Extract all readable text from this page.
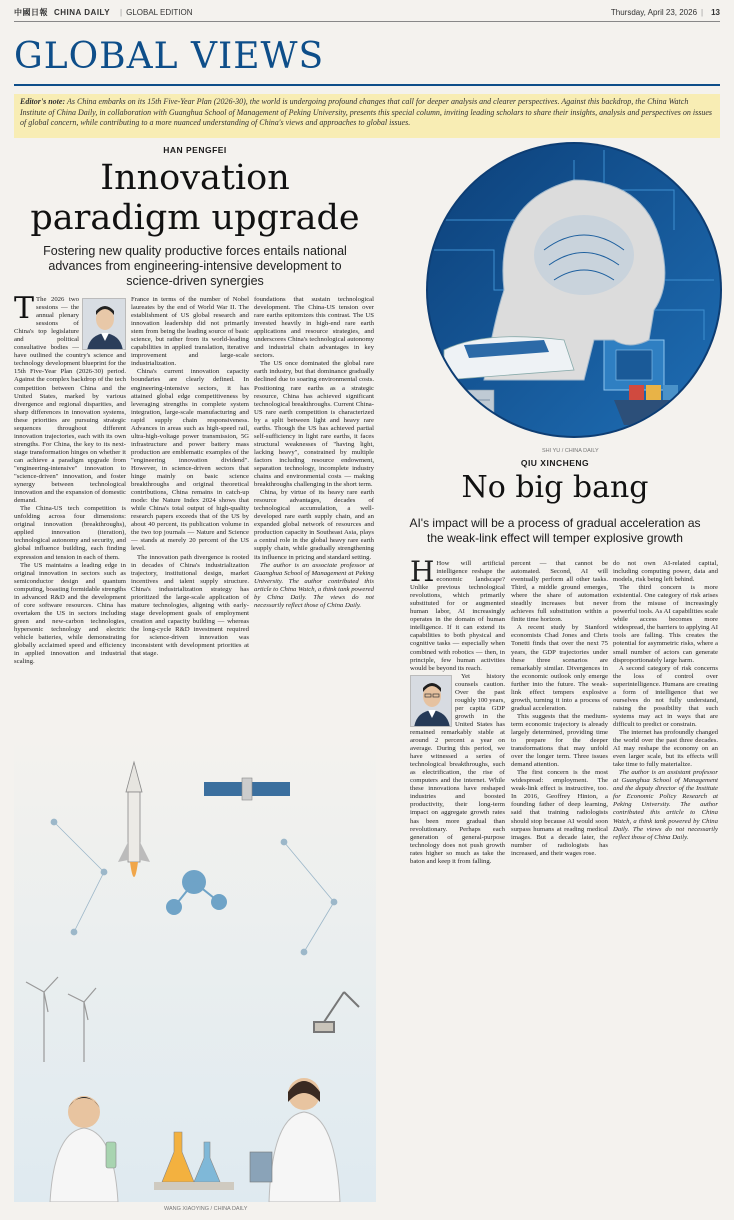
中國日報 CHINA DAILY | GLOBAL EDITION	Thursday, April 23, 2026 | 13
GLOBAL VIEWS
Editor's note: As China embarks on its 15th Five-Year Plan (2026-30), the world is undergoing profound changes that call for deeper analysis and clearer perspectives. Against this backdrop, the China Watch Institute of China Daily, in collaboration with Guanghua School of Management of Peking University, presents this special column, inviting leading scholars to share their insights, analysis and perspectives on issues of global concern, while contributing to a more nuanced understanding of China's views and approaches to global issues.
HAN PENGFEI
Innovation paradigm upgrade
Fostering new quality productive forces entails national advances from engineering-intensive development to science-driven synergies

T The 2026 two sessions — the annual plenary sessions of China's top legislature and political consultative bodies — have outlined the country's science and technology development blueprint for the 15th Five-Year Plan (2026-30) period. Against the complex backdrop of the tech competition between China and the United States, marked by various divergence and regional disparities, and sharp differences in innovation systems, these priorities are pursuing strategic sequences throughout different innovation trajectories, each with its own strengths. For China, the key to its next-stage transformation hinges on whether it can achieve a paradigm upgrade from "engineering-intensive" innovation to "science-driven" innovation, and foster synergy between technological innovation and the expansion of domestic demand.

The China-US tech competition is unfolding across four dimensions: original innovation (breakthroughs), applied innovation (iteration), technological autonomy and security, and global influence building, each finding expression and tension in each of them.

The US maintains a leading edge in original innovation in sectors such as semiconductor design and quantum computing, boasting formidable strengths in advanced R&D and the development of core software resources. China has overtaken the US in sectors including green and new-carbon technologies, hypersonic technology and electric vehicle batteries, while demonstrating globally acclaimed speed and efficiency in applied innovation and industrial scaling.

France in terms of the number of Nobel laureates by the end of World War II. The establishment of US global research and innovation leadership did not primarily stem from being the leading source of basic science, but rather from its world-leading capabilities in applied translation, iterative improvement and large-scale industrialization.

China's current innovation capacity boundaries are clearly defined. In engineering-intensive sectors, it has attained global edge competitiveness by leveraging strengths in complete system integration, large-scale manufacturing and rapid supply chain responsiveness. Advances in areas such as high-speed rail, ultra-high-voltage power transmission, 5G infrastructure and power battery mass production are emblematic examples of the "engineering innovation dividend". However, in science-driven sectors that hinge mainly on basic science breakthroughs and original theoretical contributions, China remains in catch-up mode: the Nature Index 2024 shows that while China's total output of high-quality research papers exceeds that of the US by about 40 percent, its publication volume in the two top journals — Nature and Science — stands at merely 20 percent of the US level.

The innovation path divergence is rooted in decades of China's industrialization trajectory, institutional design, market incentives and talent supply structure. China's industrialization strategy has prioritized the large-scale application of mature technologies, aligning with early-stage development goals of employment creation and capacity building — whereas the long-cycle R&D investment required for science-driven innovation was inconsistent with development priorities at that stage.

foundations that sustain technological development. The China-US tension over rare earths epitomizes this contrast. The US invested heavily in high-end rare earth applications and resource strategies, and underscores China's technological autonomy and industrial chain advantages in key sectors.

The US once dominated the global rare earth industry, but that dominance gradually declined due to soaring environmental costs. Positioning rare earths as a strategic resource, China has achieved significant technological breakthroughs. Current China-US rare earth competition is characterized by a split between light and heavy rare earths. Though the US has achieved partial self-sufficiency in light rare earths, it faces structural weaknesses of "having light, lacking heavy", constrained by multiple factors including resource endowment, separation technology, incomplete industry chains and environmental costs — making breakthroughs challenging in the short term.

China, by virtue of its heavy rare earth resource advantages, decades of technological accumulation, a well-developed rare earth supply chain, and an expanded global network of resources and production capacity in Southeast Asia, plays a central role in the global heavy rare earth supply chain, while gradually strengthening its influence in pricing and standard setting.

The author is an associate professor at Guanghua School of Management at Peking University. The author contributed this article to China Watch, a think tank powered by China Daily. The views do not necessarily reflect those of China Daily.

WANG XIAOYING / CHINA DAILY
SHI YU / CHINA DAILY
QIU XINCHENG
No big bang
AI's impact will be a process of gradual acceleration as the weak-link effect will temper explosive growth

H How will artificial intelligence reshape the economic landscape? Unlike previous technological revolutions, which primarily substituted for or augmented human labor, AI increasingly operates in the domain of human intelligence. If it can extend its capabilities to both physical and cognitive tasks — especially when combined with robotics — then, in principle, few human activities would be beyond its reach.

Yet history counsels caution. Over the past roughly 100 years, per capita GDP growth in the United States has remained remarkably stable at around 2 percent a year on average. During this period, we have witnessed a series of technological breakthroughs, such as electrification, the rise of computers and the internet. While these innovations have reshaped industries and boosted productivity, their long-term impact on aggregate growth rates has been more gradual than revolutionary. Perhaps each generation of general-purpose technology does not push growth rates higher so much as take the baton and keep it from falling.

percent — that cannot be automated. Second, AI will eventually perform all other tasks. Third, a middle ground emerges, where the share of automation steadily increases but never achieves full substitution within a finite time horizon.

A recent study by Stanford economists Chad Jones and Chris Tonetti finds that over the next 75 years, the GDP trajectories under these three scenarios are remarkably similar. Divergences in the economic outlook only emerge further into the future. The weak-link effect tempers explosive growth, turning it into a process of gradual acceleration.

This suggests that the medium-term economic trajectory is already largely determined, providing time to prepare for the deeper transformations that may unfold over the longer term. Three issues demand attention.

The first concern is the most widespread: employment. The weak-link effect is instructive, too. In 2016, Geoffrey Hinton, a founding father of deep learning, said that training radiologists should stop because AI would soon surpass humans at reading medical images. But a decade later, the number of radiologists has increased, and their wages rose.

do not own AI-related capital, including computing power, data and models, risk being left behind.

The third concern is more existential. One category of risk arises from the misuse of increasingly powerful tools. As AI capabilities scale while access becomes more widespread, the barriers to applying AI tools are falling. This creates the potential for asymmetric risks, where a small number of actors can generate disproportionately large harm.

A second category of risk concerns the loss of control over superintelligence. Humans are creating a form of intelligence that we ourselves do not fully understand, raising the possibility that such systems may act in ways that are difficult to predict or constrain.

The internet has profoundly changed the world over the past three decades. AI may reshape the economy on an even larger scale, but its effects will take time to fully materialize.

The author is an assistant professor at Guanghua School of Management and the deputy director of the Institute for Economic Policy Research at Peking University. The author contributed this article to China Watch, a think tank powered by China Daily. The views do not necessarily reflect those of China Daily.
